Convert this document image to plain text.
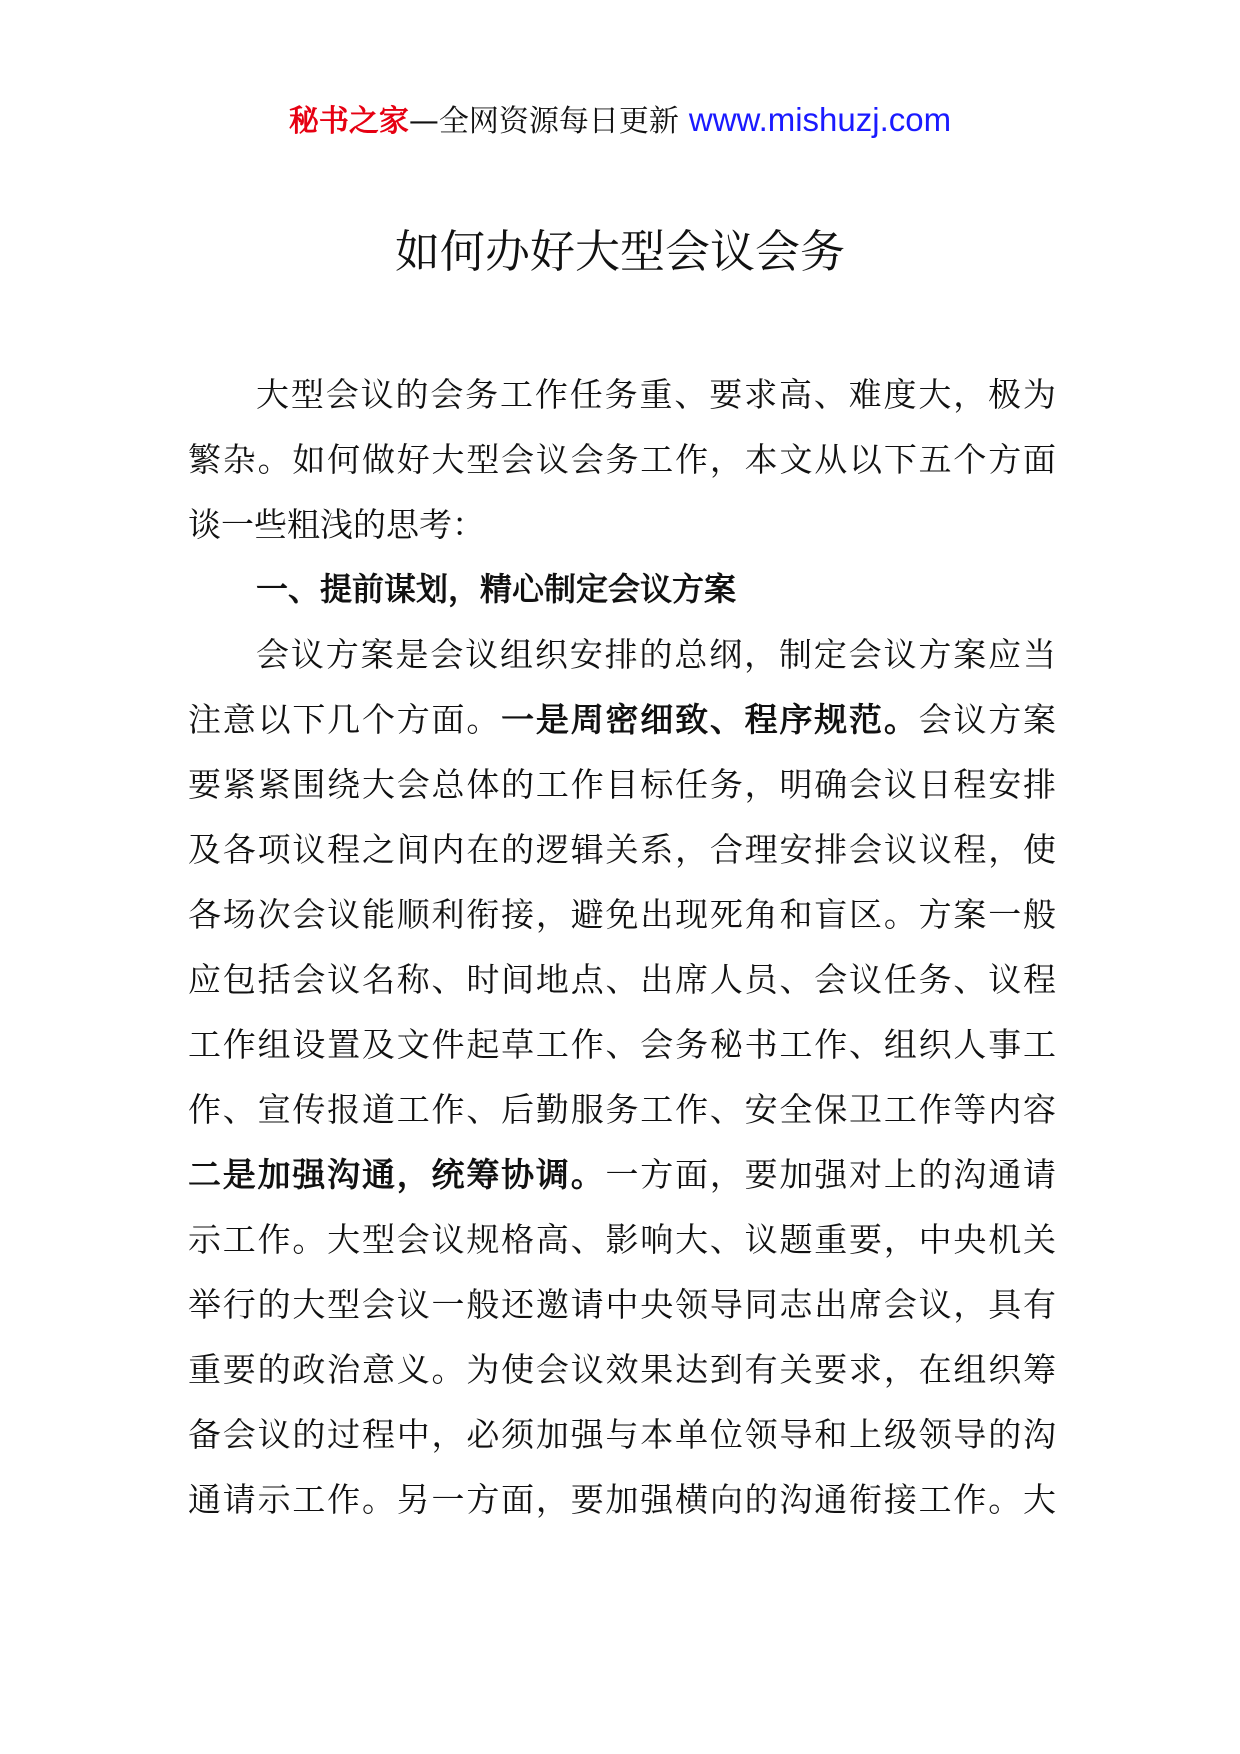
秘书之家—全网资源每日更新 www.mishuzj.com
如何办好大型会议会务
大型会议的会务工作任务重、要求高、难度大，极为
繁杂。如何做好大型会议会务工作，本文从以下五个方面
谈一些粗浅的思考：
一、提前谋划，精心制定会议方案
会议方案是会议组织安排的总纲，制定会议方案应当
注意以下几个方面。一是周密细致、程序规范。会议方案
要紧紧围绕大会总体的工作目标任务，明确会议日程安排
及各项议程之间内在的逻辑关系，合理安排会议议程，使
各场次会议能顺利衔接，避免出现死角和盲区。方案一般
应包括会议名称、时间地点、出席人员、会议任务、议程
工作组设置及文件起草工作、会务秘书工作、组织人事工
作、宣传报道工作、后勤服务工作、安全保卫工作等内容
二是加强沟通，统筹协调。一方面，要加强对上的沟通请
示工作。大型会议规格高、影响大、议题重要，中央机关
举行的大型会议一般还邀请中央领导同志出席会议，具有
重要的政治意义。为使会议效果达到有关要求，在组织筹
备会议的过程中，必须加强与本单位领导和上级领导的沟
通请示工作。另一方面，要加强横向的沟通衔接工作。大
